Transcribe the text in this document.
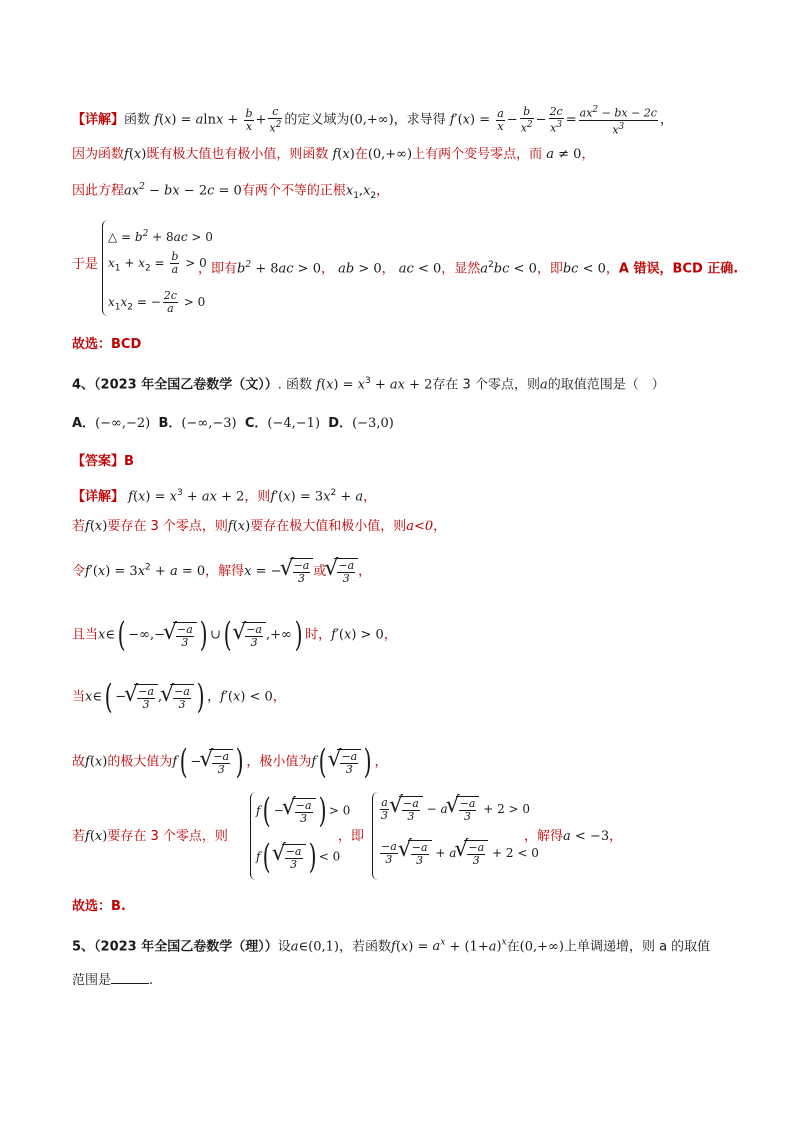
【详解】函数 $f(x) = alnx + \frac{b}{x} + \frac{c}{x^2}$ 的定义域为(0,+∞)，求导得 $f'(x) = \frac{a}{x} - \frac{b}{x^2} - \frac{2c}{x^3} = \frac{ax^2 - bx - 2c}{x^3}$ ，
因为函数f(x)既有极大值也有极小值，则函数 f(x)在(0,+∞)上有两个变号零点，而 a ≠ 0，
因此方程$ax^2$ − bx − 2c = 0有两个不等的正根$x_1,x_2$，
△ = $b^2 + 8ac > 0$
$x_1 + x_2 = \frac{b}{a} > 0$
$x_1x_2$ = − $\frac{2c}{a} > 0$
于是	，即有$b^2 + 8ac > 0$， ab > 0， ac < 0，显然$a^2bc < 0$，即bc < 0，A 错误，BCD 正确.
故选：BCD
4、（2023 年全国乙卷数学（文））. 函数 $f(x) = x^3$ + ax + 2存在 3 个零点，则a的取值范围是（　）
A．(−∞,−2) B．(−∞,−3) C．(−4,−1) D．(−3,0)
【答案】B
【详解】 $f(x) = x^3$ + ax + 2，则$f'(x) = 3x^2 + a$，
若f(x)要存在 3 个零点，则f(x)要存在极大值和极小值，则a<0，
令$f'(x) = 3x^2 + a = 0$，解得x = − √ $\frac{-a}{3}$ 或 √ $\frac{-a}{3}$ ，
且当x∈( −∞,− √ $\frac{-a}{3}$ ) ∪( √ $\frac{-a}{3}$ ,+∞) 时，f′(x) > 0，
当x∈( − √ $\frac{-a}{3}$ , √ $\frac{-a}{3}$ ) ，f′(x) < 0，
故f(x)的极大值为f( − √ $\frac{-a}{3}$ ) ，极小值为f( √ $\frac{-a}{3}$ ) ，
若f(x)要存在 3 个零点，则
f( − √ $\frac{-a}{3}$ ) > 0
f( √ $\frac{-a}{3}$ ) < 0
，即
$\frac{a}{3}$ √ $\frac{-a}{3} - a$ √ $\frac{-a}{3} + 2 > 0$
$\frac{-a}{3}$ √ $\frac{-a}{3} + a$ √ $\frac{-a}{3} + 2 < 0$
，解得a < −3，
故选：B.
5、（2023 年全国乙卷数学（理））设a∈(0,1)，若函数$f(x) = a^x + (1+a)^x$在(0,+∞)上单调递增，则 a 的取值
范围是	.
